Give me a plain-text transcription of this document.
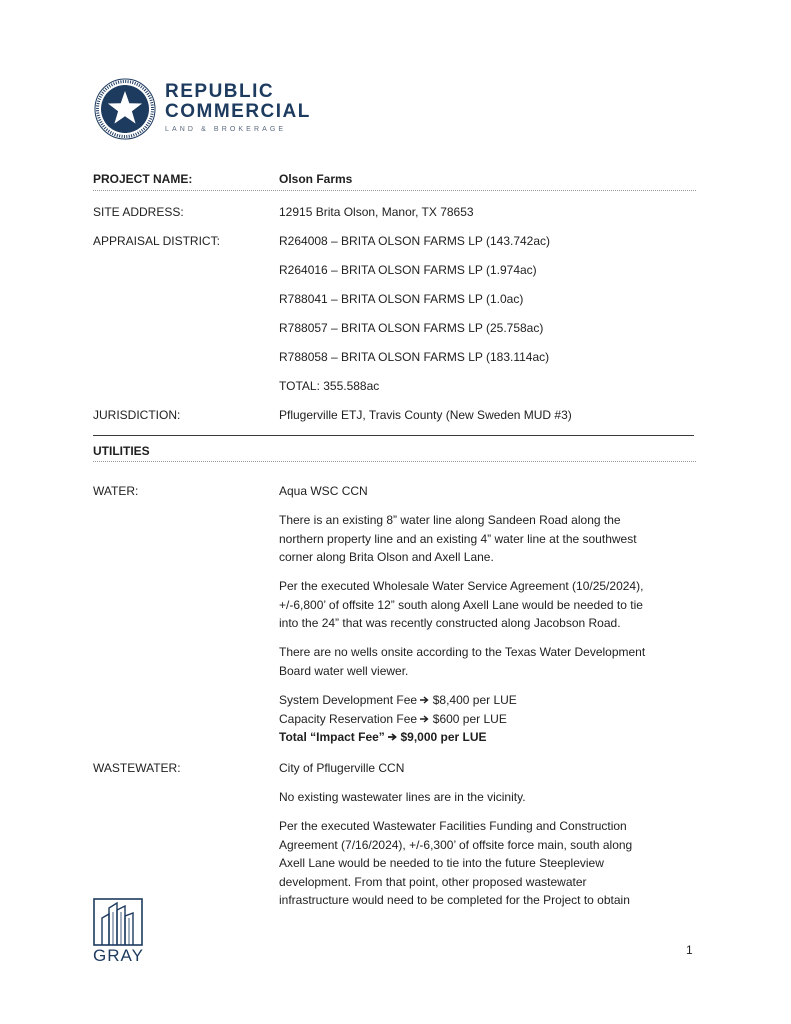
REPUBLIC
COMMERCIAL
LAND & BROKERAGE
PROJECT NAME:	Olson Farms
SITE ADDRESS:	12915 Brita Olson, Manor, TX 78653
APPRAISAL DISTRICT:	R264008 – BRITA OLSON FARMS LP (143.742ac)
R264016 – BRITA OLSON FARMS LP (1.974ac)
R788041 – BRITA OLSON FARMS LP (1.0ac)
R788057 – BRITA OLSON FARMS LP (25.758ac)
R788058 – BRITA OLSON FARMS LP (183.114ac)
TOTAL: 355.588ac
JURISDICTION:	Pflugerville ETJ, Travis County (New Sweden MUD #3)
UTILITIES
WATER:	Aqua WSC CCN
There is an existing 8” water line along Sandeen Road along the
northern property line and an existing 4” water line at the southwest
corner along Brita Olson and Axell Lane.
Per the executed Wholesale Water Service Agreement (10/25/2024),
+/-6,800’ of offsite 12” south along Axell Lane would be needed to tie
into the 24” that was recently constructed along Jacobson Road.
There are no wells onsite according to the Texas Water Development
Board water well viewer.
System Development Fee $8,400 per LUE
Capacity Reservation Fee $600 per LUE
Total “Impact Fee” $9,000 per LUE
WASTEWATER:	City of Pflugerville CCN
No existing wastewater lines are in the vicinity.
Per the executed Wastewater Facilities Funding and Construction
Agreement (7/16/2024), +/-6,300’ of offsite force main, south along
Axell Lane would be needed to tie into the future Steepleview
development. From that point, other proposed wastewater
infrastructure would need to be completed for the Project to obtain
GRAY	1
